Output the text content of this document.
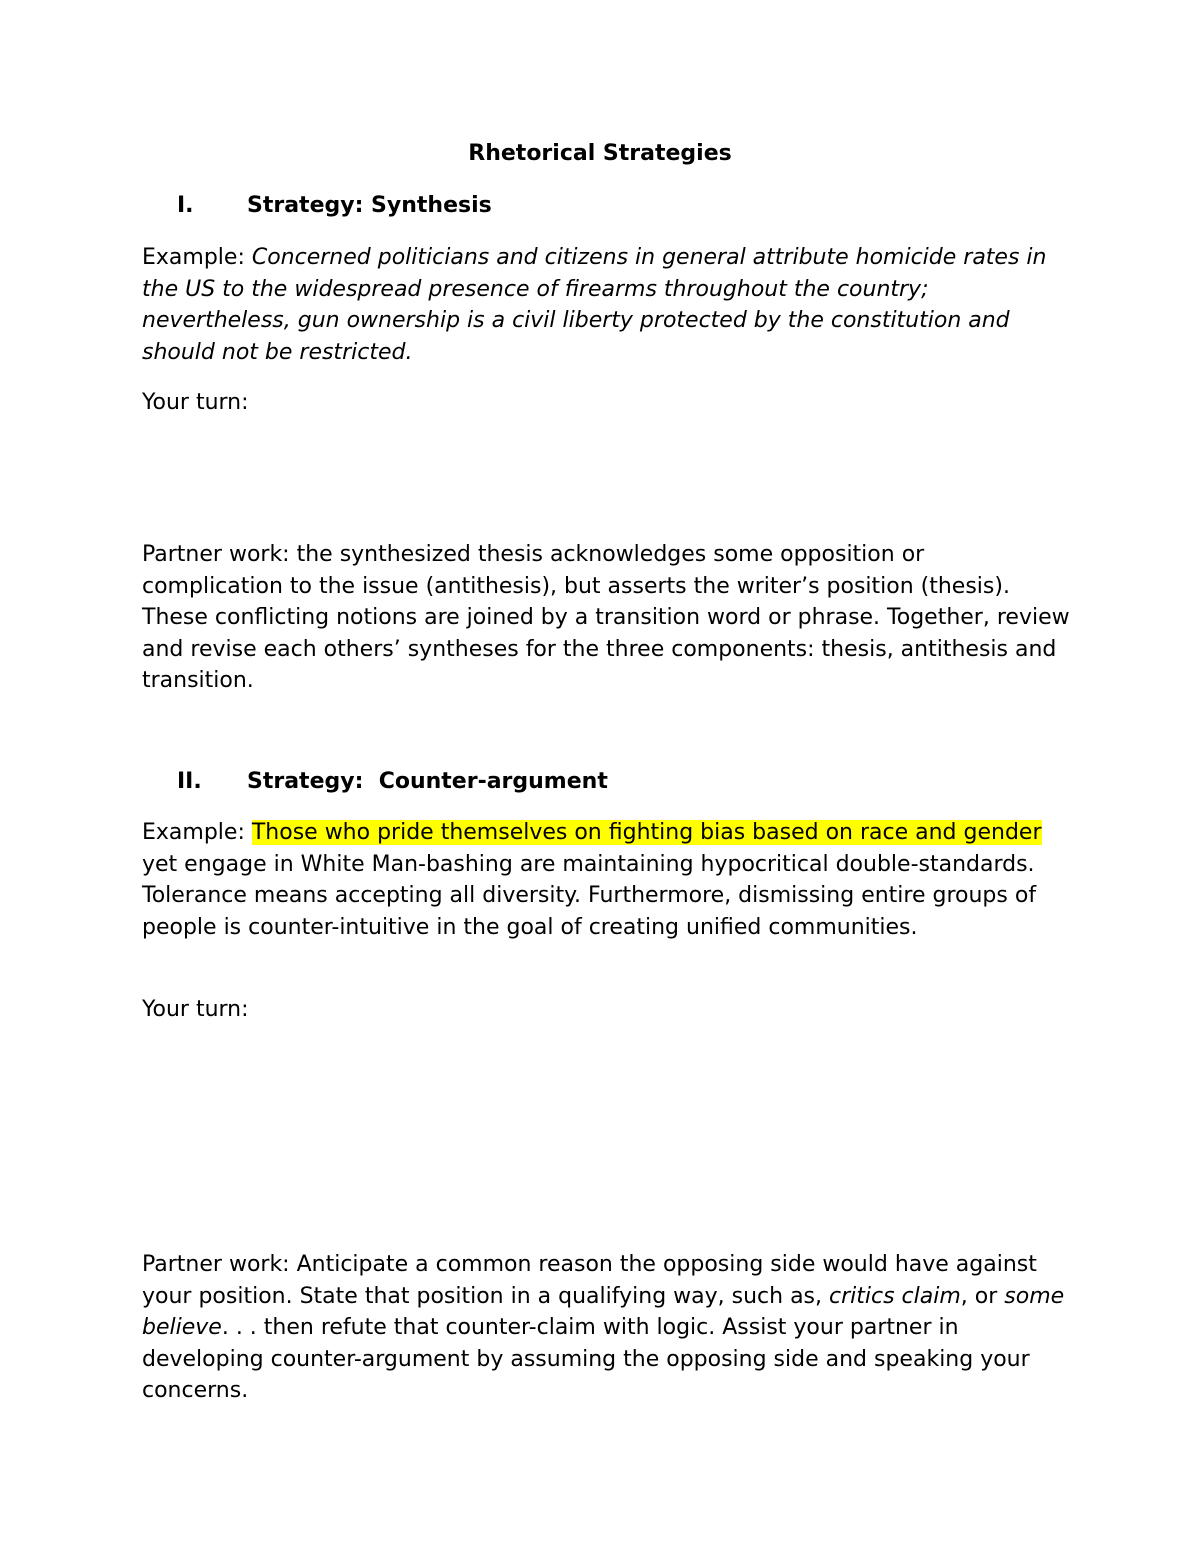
Rhetorical Strategies
I. Strategy: Synthesis

Example: Concerned politicians and citizens in general attribute homicide rates in the US to the widespread presence of firearms throughout the country; nevertheless, gun ownership is a civil liberty protected by the constitution and should not be restricted.

Your turn:

Partner work: the synthesized thesis acknowledges some opposition or complication to the issue (antithesis), but asserts the writer’s position (thesis). These conflicting notions are joined by a transition word or phrase. Together, review and revise each others’ syntheses for the three components: thesis, antithesis and transition.

II. Strategy:  Counter-argument

Example: Those who pride themselves on fighting bias based on race and gender yet engage in White Man-bashing are maintaining hypocritical double-standards. Tolerance means accepting all diversity. Furthermore, dismissing entire groups of people is counter-intuitive in the goal of creating unified communities.

Your turn:

Partner work: Anticipate a common reason the opposing side would have against your position. State that position in a qualifying way, such as, critics claim, or some believe. . . then refute that counter-claim with logic. Assist your partner in developing counter-argument by assuming the opposing side and speaking your concerns.
